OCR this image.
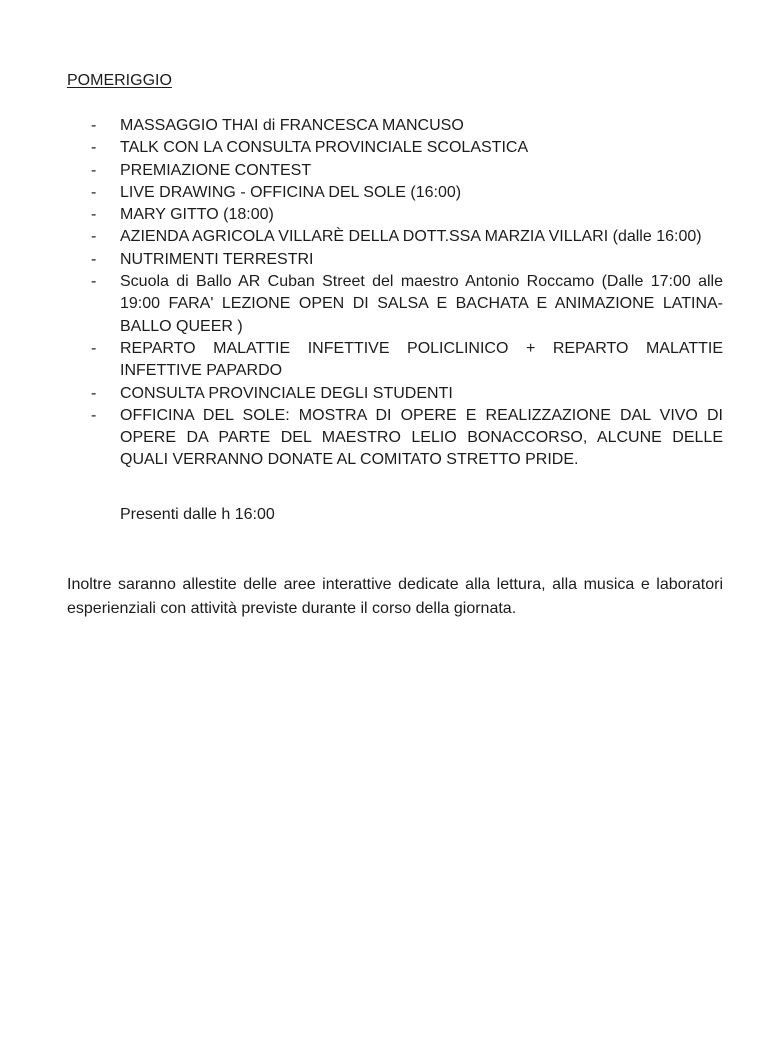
POMERIGGIO
- MASSAGGIO THAI di FRANCESCA MANCUSO
- TALK CON LA CONSULTA PROVINCIALE SCOLASTICA
- PREMIAZIONE CONTEST
- LIVE DRAWING - OFFICINA DEL SOLE (16:00)
- MARY GITTO (18:00)
- AZIENDA AGRICOLA VILLARÈ DELLA DOTT.SSA MARZIA VILLARI (dalle 16:00)
- NUTRIMENTI TERRESTRI
- Scuola di Ballo AR Cuban Street del maestro Antonio Roccamo (Dalle 17:00 alle 19:00 FARA' LEZIONE OPEN DI SALSA E BACHATA E ANIMAZIONE LATINA- BALLO QUEER )
- REPARTO MALATTIE INFETTIVE POLICLINICO + REPARTO MALATTIE INFETTIVE PAPARDO
- CONSULTA PROVINCIALE DEGLI STUDENTI
- OFFICINA DEL SOLE: MOSTRA DI OPERE E REALIZZAZIONE DAL VIVO DI OPERE DA PARTE DEL MAESTRO LELIO BONACCORSO, ALCUNE DELLE QUALI VERRANNO DONATE AL COMITATO STRETTO PRIDE.
Presenti dalle h 16:00
Inoltre saranno allestite delle aree interattive dedicate alla lettura, alla musica e laboratori esperienziali con attività previste durante il corso della giornata.
